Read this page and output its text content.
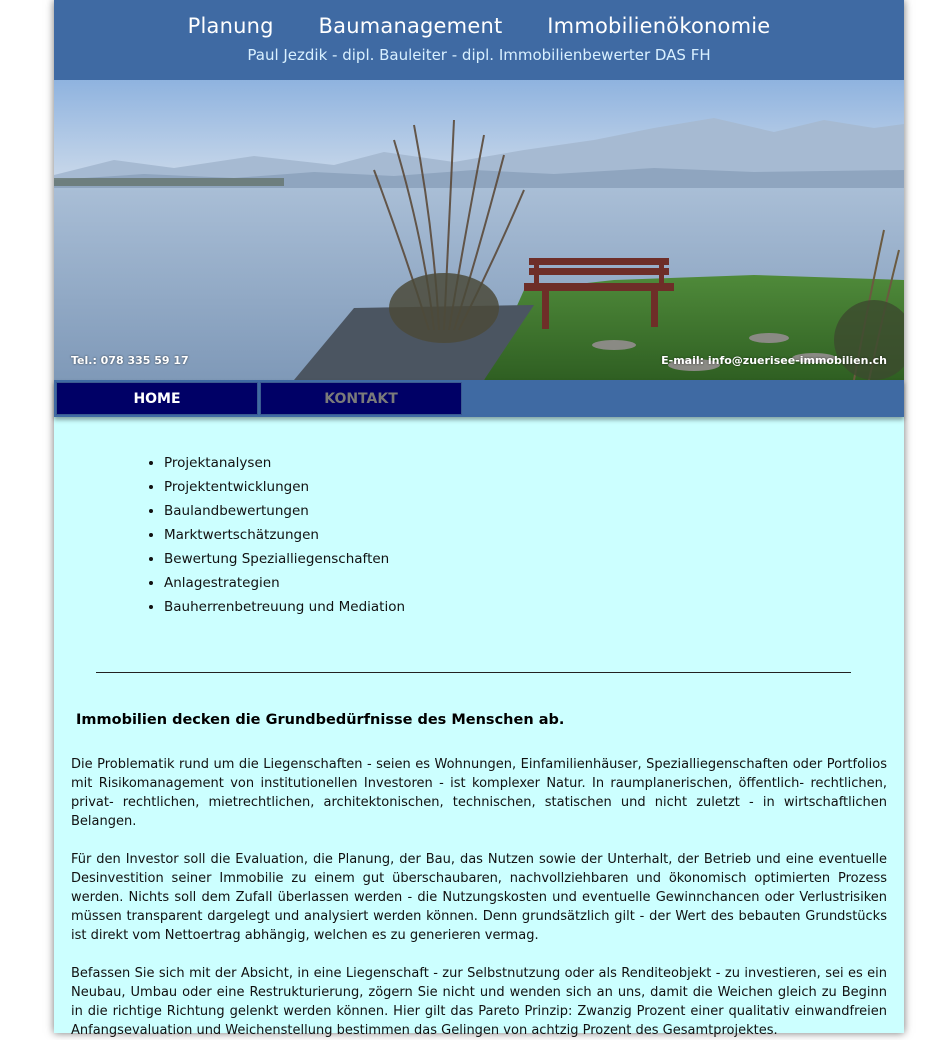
Planung Baumanagement Immobilienökonomie
Paul Jezdik - dipl. Bauleiter - dipl. Immobilienbewerter DAS FH
Tel.: 078 335 59 17	E-mail: info@zuerisee-immobilien.ch
HOME	KONTAKT
• Projektanalysen
• Projektentwicklungen
• Baulandbewertungen
• Marktwertschätzungen
• Bewertung Spezialliegenschaften
• Anlagestrategien
• Bauherrenbetreuung und Mediation
Immobilien decken die Grundbedürfnisse des Menschen ab.

Die Problematik rund um die Liegenschaften - seien es Wohnungen, Einfamilienhäuser, Spezialliegenschaften oder Portfolios mit Risikomanagement von institutionellen Investoren - ist komplexer Natur. In raumplanerischen, öffentlich- rechtlichen, privat- rechtlichen, mietrechtlichen, architektonischen, technischen, statischen und nicht zuletzt - in wirtschaftlichen Belangen.

Für den Investor soll die Evaluation, die Planung, der Bau, das Nutzen sowie der Unterhalt, der Betrieb und eine eventuelle Desinvestition seiner Immobilie zu einem gut überschaubaren, nachvollziehbaren und ökonomisch optimierten Prozess werden. Nichts soll dem Zufall überlassen werden - die Nutzungskosten und eventuelle Gewinnchancen oder Verlustrisiken müssen transparent dargelegt und analysiert werden können. Denn grundsätzlich gilt - der Wert des bebauten Grundstücks ist direkt vom Nettoertrag abhängig, welchen es zu generieren vermag.

Befassen Sie sich mit der Absicht, in eine Liegenschaft - zur Selbstnutzung oder als Renditeobjekt - zu investieren, sei es ein Neubau, Umbau oder eine Restrukturierung, zögern Sie nicht und wenden sich an uns, damit die Weichen gleich zu Beginn in die richtige Richtung gelenkt werden können. Hier gilt das Pareto Prinzip: Zwanzig Prozent einer qualitativ einwandfreien Anfangsevaluation und Weichenstellung bestimmen das Gelingen von achtzig Prozent des Gesamtprojektes.
